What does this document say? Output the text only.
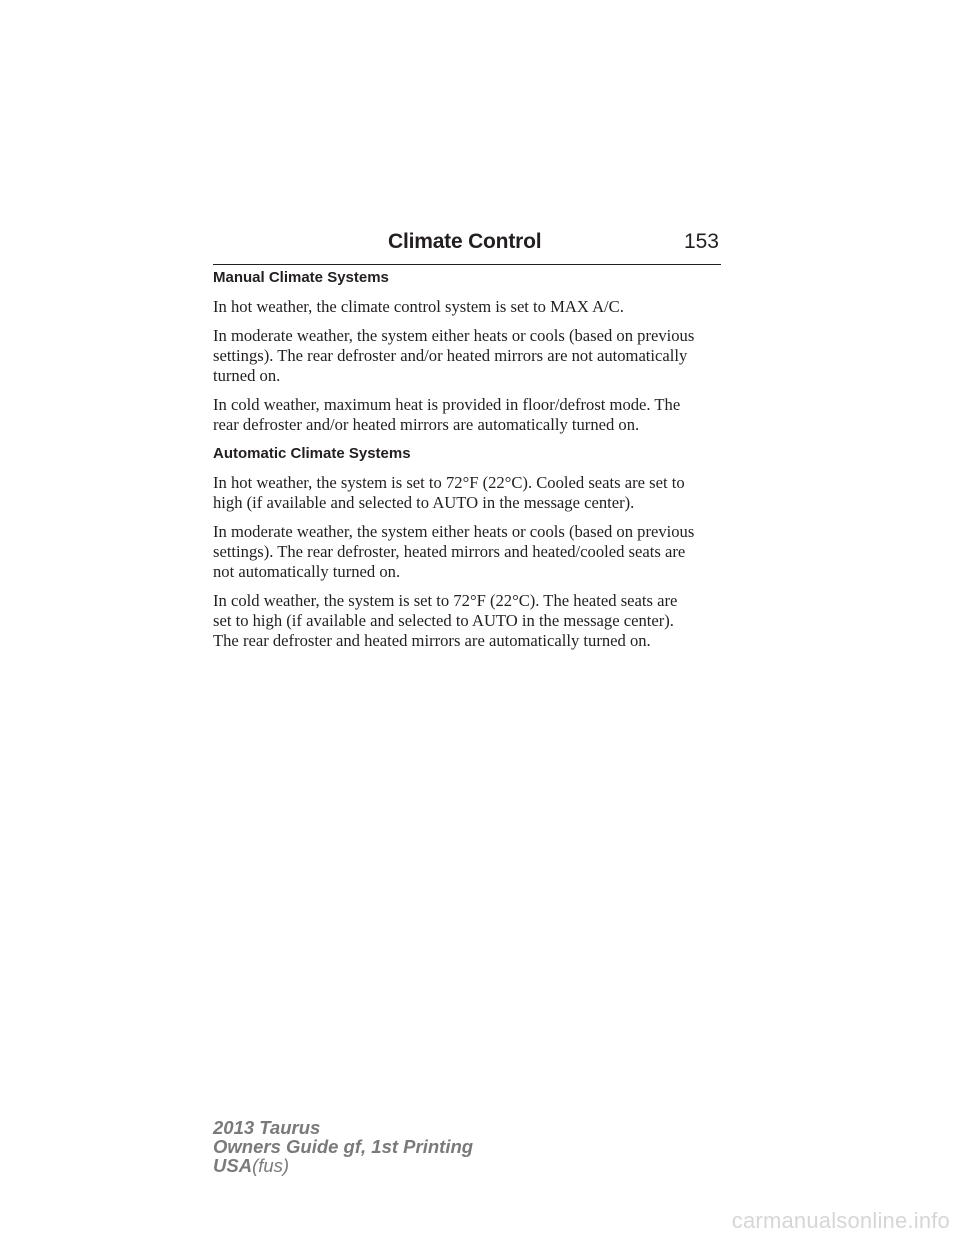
Climate Control	153
Manual Climate Systems

In hot weather, the climate control system is set to MAX A/C.

In moderate weather, the system either heats or cools (based on previous
settings). The rear defroster and/or heated mirrors are not automatically
turned on.

In cold weather, maximum heat is provided in floor/defrost mode. The
rear defroster and/or heated mirrors are automatically turned on.

Automatic Climate Systems

In hot weather, the system is set to 72°F (22°C). Cooled seats are set to
high (if available and selected to AUTO in the message center).

In moderate weather, the system either heats or cools (based on previous
settings). The rear defroster, heated mirrors and heated/cooled seats are
not automatically turned on.

In cold weather, the system is set to 72°F (22°C). The heated seats are
set to high (if available and selected to AUTO in the message center).
The rear defroster and heated mirrors are automatically turned on.

2013 Taurus
Owners Guide gf, 1st Printing
USA(fus)
carmanualsonline.info
